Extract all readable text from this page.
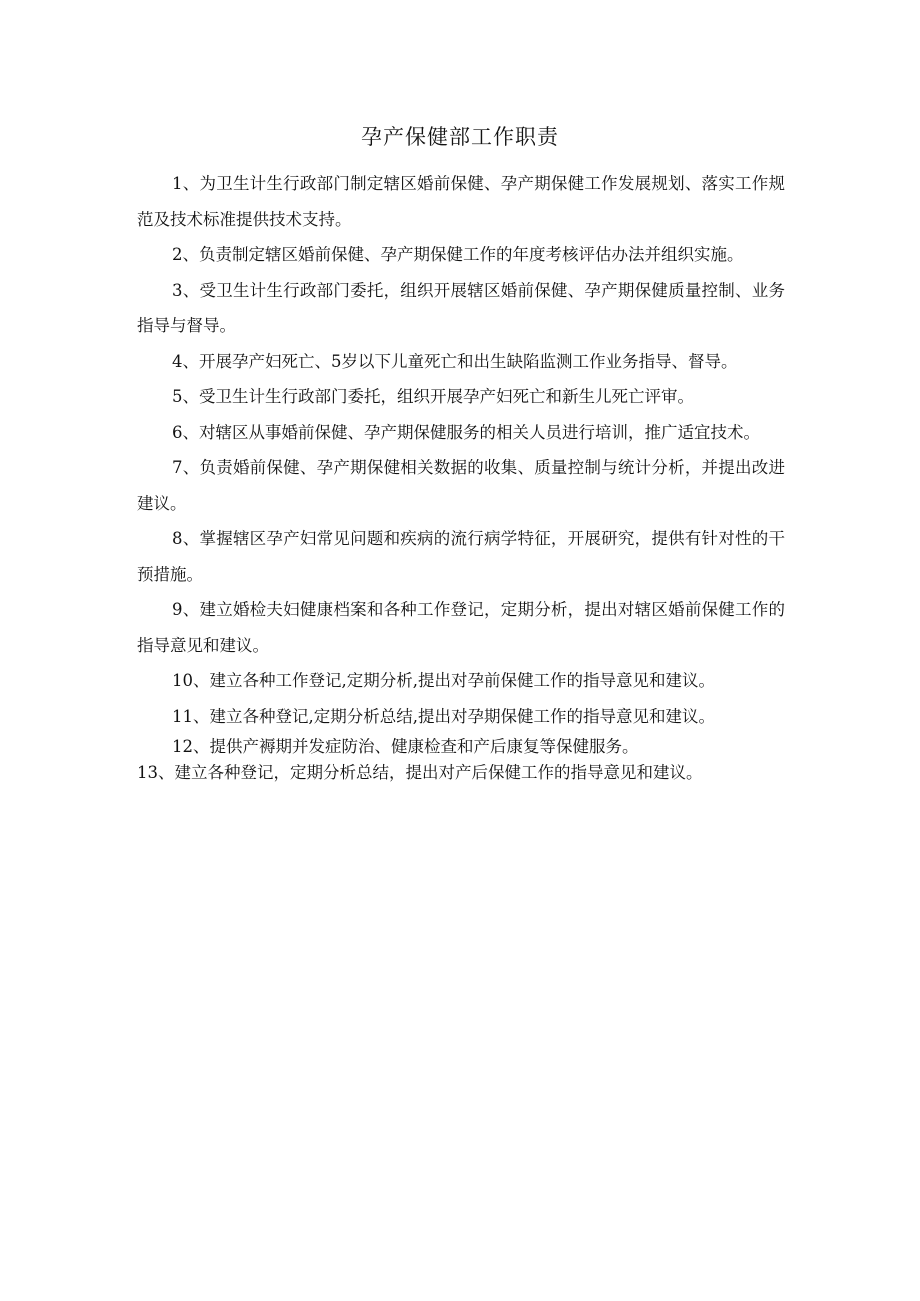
孕产保健部工作职责

1、为卫生计生行政部门制定辖区婚前保健、孕产期保健工作发展规划、落实工作规范及技术标准提供技术支持。

2、负责制定辖区婚前保健、孕产期保健工作的年度考核评估办法并组织实施。

3、受卫生计生行政部门委托，组织开展辖区婚前保健、孕产期保健质量控制、业务指导与督导。

4、开展孕产妇死亡、5岁以下儿童死亡和出生缺陷监测工作业务指导、督导。

5、受卫生计生行政部门委托，组织开展孕产妇死亡和新生儿死亡评审。

6、对辖区从事婚前保健、孕产期保健服务的相关人员进行培训，推广适宜技术。

7、负责婚前保健、孕产期保健相关数据的收集、质量控制与统计分析，并提出改进建议。

8、掌握辖区孕产妇常见问题和疾病的流行病学特征，开展研究，提供有针对性的干预措施。

9、建立婚检夫妇健康档案和各种工作登记，定期分析，提出对辖区婚前保健工作的指导意见和建议。

10、建立各种工作登记,定期分析,提出对孕前保健工作的指导意见和建议。

11、建立各种登记,定期分析总结,提出对孕期保健工作的指导意见和建议。

12、提供产褥期并发症防治、健康检查和产后康复等保健服务。

13、建立各种登记，定期分析总结，提出对产后保健工作的指导意见和建议。
